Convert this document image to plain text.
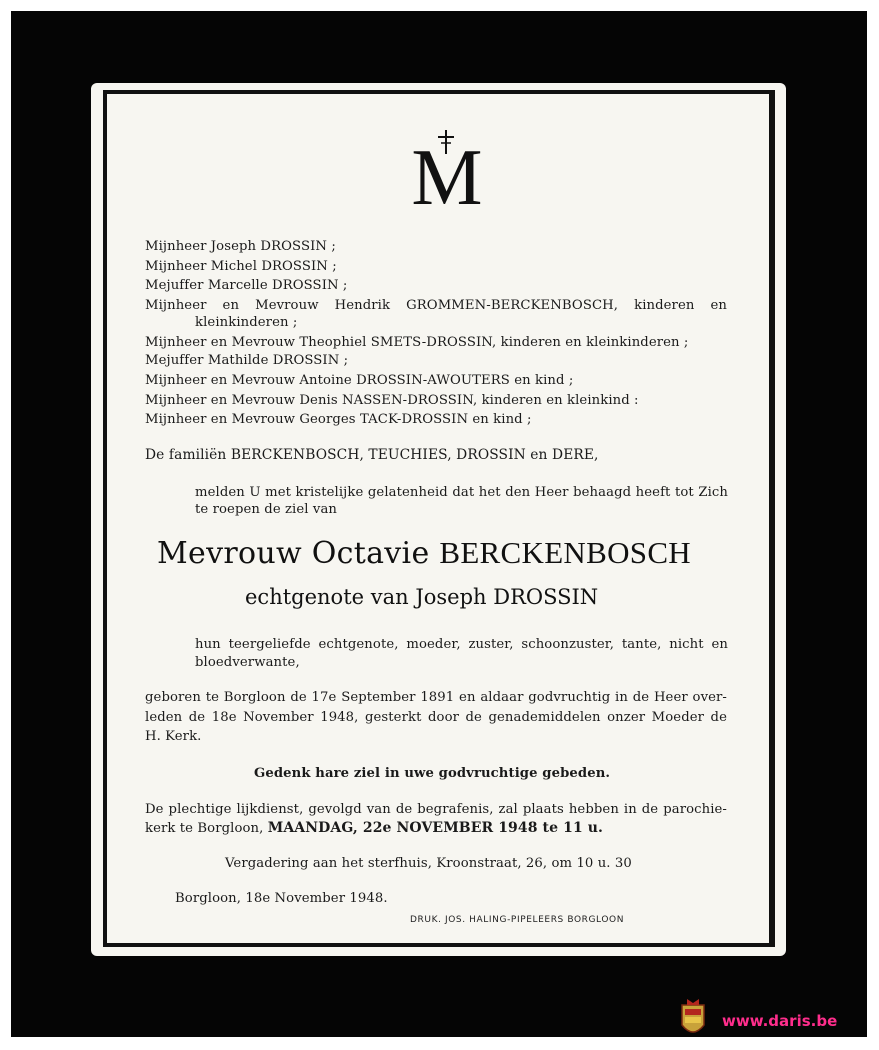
M
Mijnheer Joseph DROSSIN ;
Mijnheer Michel DROSSIN ;
Mejuffer Marcelle DROSSIN ;
Mijnheer en Mevrouw Hendrik GROMMEN-BERCKENBOSCH, kinderen en
kleinkinderen ;
Mijnheer en Mevrouw Theophiel SMETS-DROSSIN, kinderen en kleinkinderen ;
Mejuffer Mathilde DROSSIN ;
Mijnheer en Mevrouw Antoine DROSSIN-AWOUTERS en kind ;
Mijnheer en Mevrouw Denis NASSEN-DROSSIN, kinderen en kleinkind :
Mijnheer en Mevrouw Georges TACK-DROSSIN en kind ;
De familiën BERCKENBOSCH, TEUCHIES, DROSSIN en DERE,
melden U met kristelijke gelatenheid dat het den Heer behaagd heeft tot Zich
te roepen de ziel van
Mevrouw Octavie BERCKENBOSCH
echtgenote van Joseph DROSSIN
hun teergeliefde echtgenote, moeder, zuster, schoonzuster, tante, nicht en
bloedverwante,
geboren te Borgloon de 17e September 1891 en aldaar godvruchtig in de Heer over-
leden de 18e November 1948, gesterkt door de genademiddelen onzer Moeder de
H. Kerk.
Gedenk hare ziel in uwe godvruchtige gebeden.
De plechtige lijkdienst, gevolgd van de begrafenis, zal plaats hebben in de parochie-
kerk te Borgloon, MAANDAG, 22e NOVEMBER 1948 te 11 u.
Vergadering aan het sterfhuis, Kroonstraat, 26, om 10 u. 30
Borgloon, 18e November 1948.
DRUK. JOS. HALING-PIPELEERS BORGLOON
www.daris.be
